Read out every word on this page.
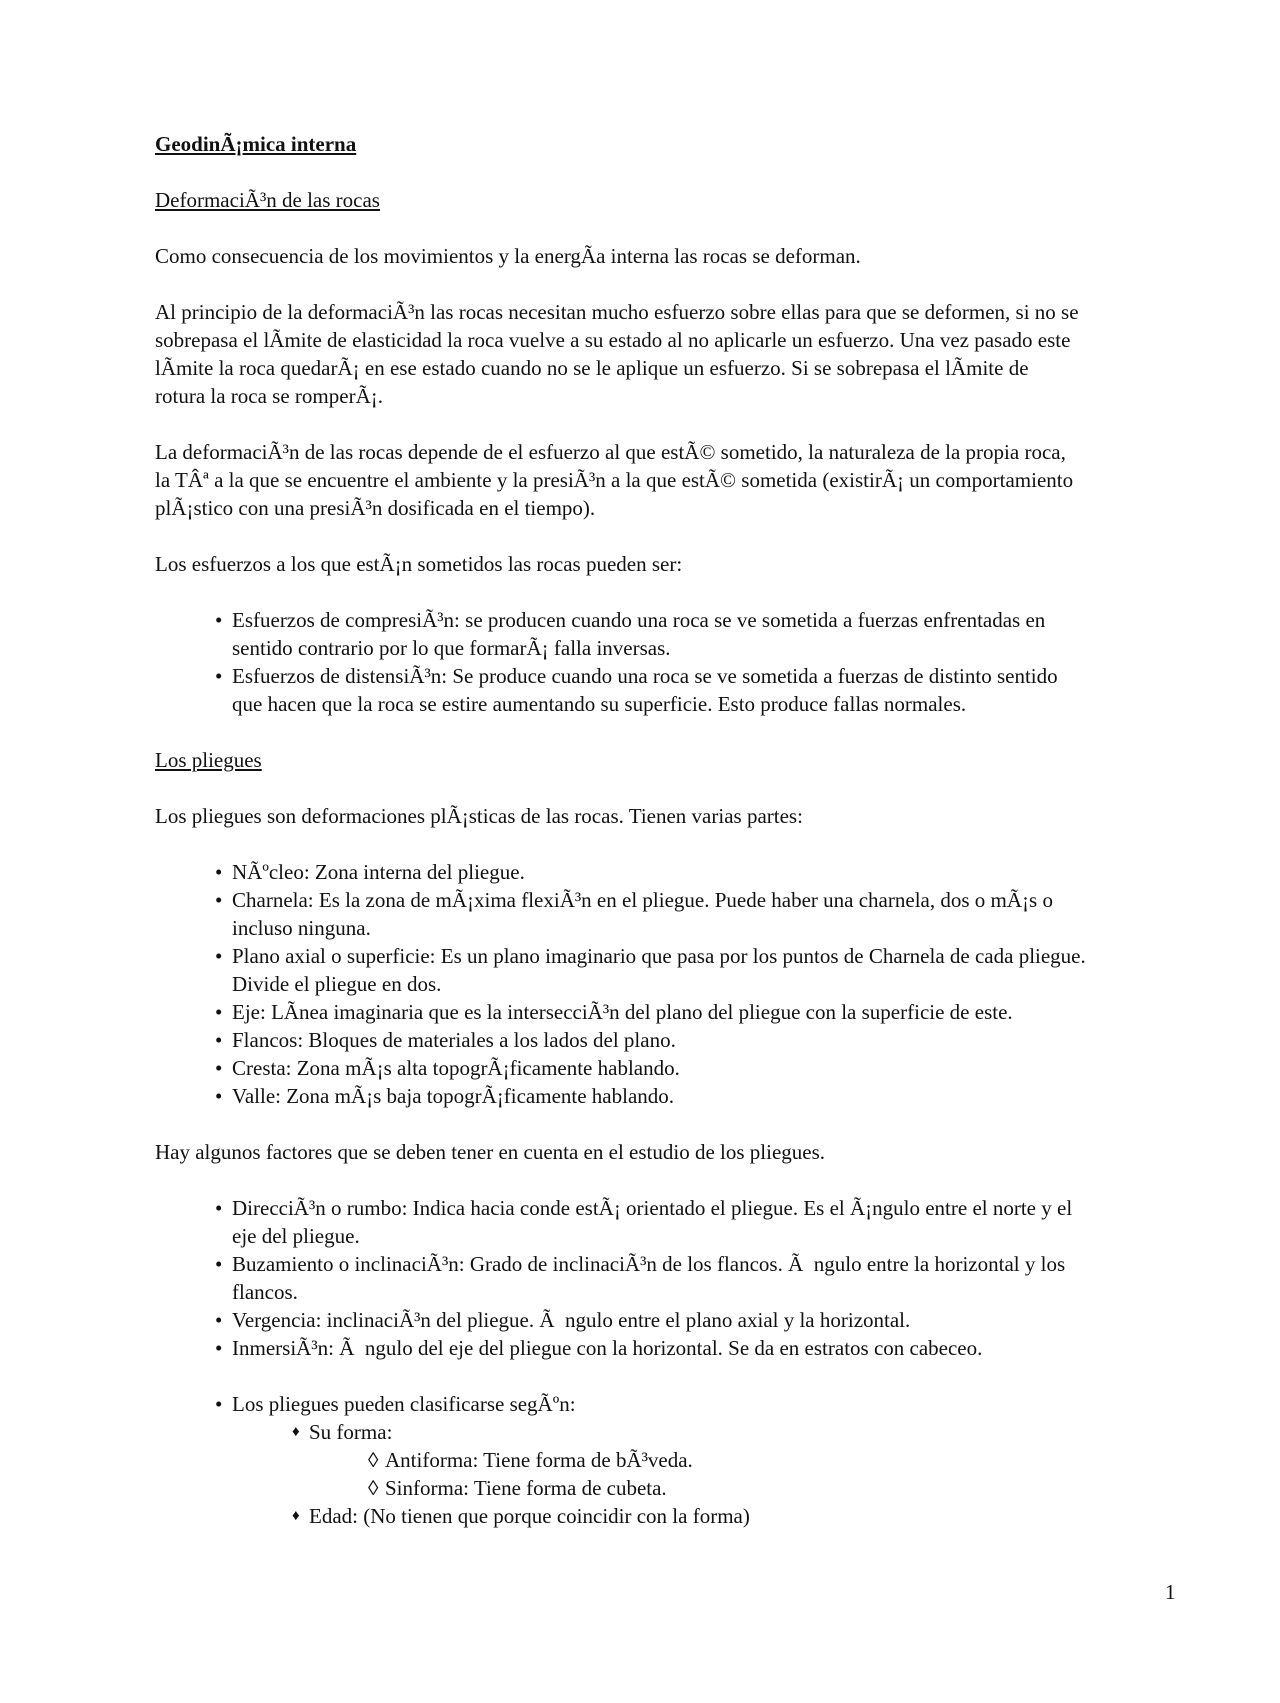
GeodinÃ¡mica interna
DeformaciÃ³n de las rocas

Como consecuencia de los movimientos y la energÃa interna las rocas se deforman.

Al principio de la deformaciÃ³n las rocas necesitan mucho esfuerzo sobre ellas para que se deformen, si no se
sobrepasa el lÃmite de elasticidad la roca vuelve a su estado al no aplicarle un esfuerzo. Una vez pasado este
lÃmite la roca quedarÃ¡ en ese estado cuando no se le aplique un esfuerzo. Si se sobrepasa el lÃmite de
rotura la roca se romperÃ¡.

La deformaciÃ³n de las rocas depende de el esfuerzo al que estÃ© sometido, la naturaleza de la propia roca,
la TÂª a la que se encuentre el ambiente y la presiÃ³n a la que estÃ© sometida (existirÃ¡ un comportamiento
plÃ¡stico con una presiÃ³n dosificada en el tiempo).

Los esfuerzos a los que estÃ¡n sometidos las rocas pueden ser:

• Esfuerzos de compresiÃ³n: se producen cuando una roca se ve sometida a fuerzas enfrentadas en
sentido contrario por lo que formarÃ¡ falla inversas.
• Esfuerzos de distensiÃ³n: Se produce cuando una roca se ve sometida a fuerzas de distinto sentido
que hacen que la roca se estire aumentando su superficie. Esto produce fallas normales.
Los pliegues

Los pliegues son deformaciones plÃ¡sticas de las rocas. Tienen varias partes:

• NÃºcleo: Zona interna del pliegue.
• Charnela: Es la zona de mÃ¡xima flexiÃ³n en el pliegue. Puede haber una charnela, dos o mÃ¡s o
incluso ninguna.
• Plano axial o superficie: Es un plano imaginario que pasa por los puntos de Charnela de cada pliegue.
Divide el pliegue en dos.
• Eje: LÃnea imaginaria que es la intersecciÃ³n del plano del pliegue con la superficie de este.
• Flancos: Bloques de materiales a los lados del plano.
• Cresta: Zona mÃ¡s alta topogrÃ¡ficamente hablando.
• Valle: Zona mÃ¡s baja topogrÃ¡ficamente hablando.

Hay algunos factores que se deben tener en cuenta en el estudio de los pliegues.

• DirecciÃ³n o rumbo: Indica hacia conde estÃ¡ orientado el pliegue. Es el Ã¡ngulo entre el norte y el
eje del pliegue.
• Buzamiento o inclinaciÃ³n: Grado de inclinaciÃ³n de los flancos. Ã  ngulo entre la horizontal y los
flancos.
• Vergencia: inclinaciÃ³n del pliegue. Ã  ngulo entre el plano axial y la horizontal.
• InmersiÃ³n: Ã  ngulo del eje del pliegue con la horizontal. Se da en estratos con cabeceo.
• Los pliegues pueden clasificarse segÃºn:
♦ Su forma:
◊ Antiforma: Tiene forma de bÃ³veda.
◊ Sinforma: Tiene forma de cubeta.
♦ Edad: (No tienen que porque coincidir con la forma)
1
